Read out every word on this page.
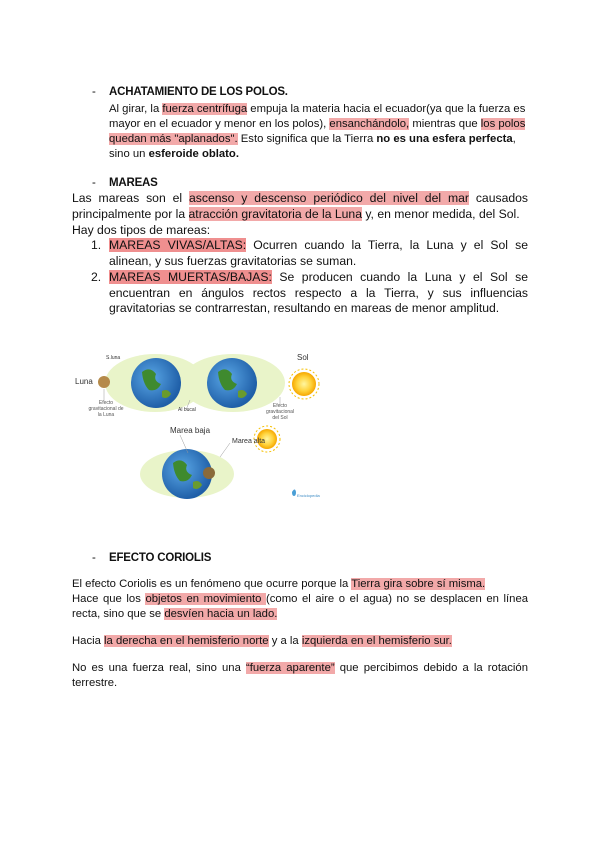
- ACHATAMIENTO DE LOS POLOS.
Al girar, la fuerza centrífuga empuja la materia hacia el ecuador(ya que la fuerza es mayor en el ecuador y menor en los polos), ensanchándolo, mientras que los polos quedan más "aplanados". Esto significa que la Tierra no es una esfera perfecta, sino un esferoide oblato.
- MAREAS
Las mareas son el ascenso y descenso periódico del nivel del mar causados principalmente por la atracción gravitatoria de la Luna y, en menor medida, del Sol.
Hay dos tipos de mareas:
1. MAREAS VIVAS/ALTAS: Ocurren cuando la Tierra, la Luna y el Sol se alinean, y sus fuerzas gravitatorias se suman.
2. MAREAS MUERTAS/BAJAS: Se producen cuando la Luna y el Sol se encuentran en ángulos rectos respecto a la Tierra, y sus influencias gravitatorias se contrarrestan, resultando en mareas de menor amplitud.
Luna
Sol
S.luna
Efecto gravitacional de la Luna
Al bucal
Efecto gravitacional del Sol
Marea baja
Marea alta
Enciclopedia
- EFECTO CORIOLIS
El efecto Coriolis es un fenómeno que ocurre porque la Tierra gira sobre sí misma.
Hace que los objetos en movimiento (como el aire o el agua) no se desplacen en línea recta, sino que se desvíen hacia un lado.
Hacia la derecha en el hemisferio norte y a la izquierda en el hemisferio sur.
No es una fuerza real, sino una “fuerza aparente” que percibimos debido a la rotación terrestre.
